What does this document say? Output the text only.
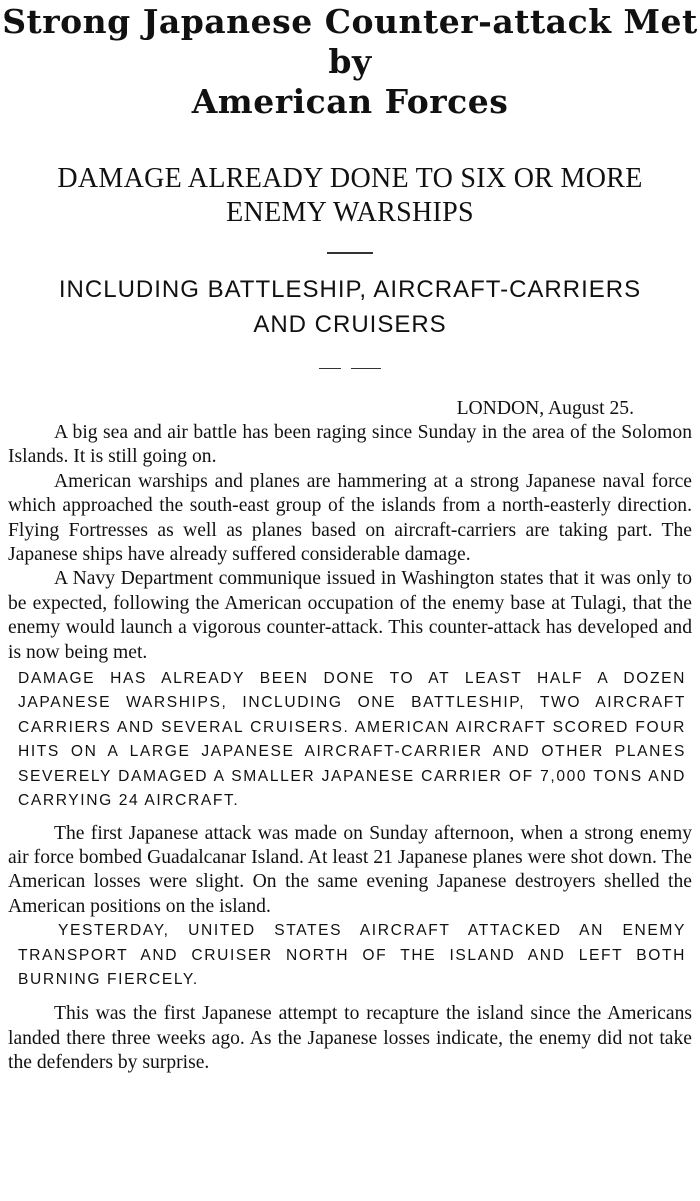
Strong Japanese Counter-attack Met by
American Forces
DAMAGE ALREADY DONE TO SIX OR MORE
ENEMY WARSHIPS
INCLUDING BATTLESHIP, AIRCRAFT-CARRIERS
AND CRUISERS
LONDON, August 25.

A big sea and air battle has been raging since Sunday in the area of the Solomon Islands. It is still going on.

American warships and planes are hammering at a strong Japanese naval force which approached the south-east group of the islands from a north-easterly direction. Flying Fortresses as well as planes based on aircraft-carriers are taking part. The Japanese ships have already suffered considerable damage.

A Navy Department communique issued in Washington states that it was only to be expected, following the American occupation of the enemy base at Tulagi, that the enemy would launch a vigorous counter-attack. This counter-attack has developed and is now being met.

DAMAGE HAS ALREADY BEEN DONE TO AT LEAST HALF A DOZEN JAPANESE WARSHIPS, INCLUDING ONE BATTLESHIP, TWO AIRCRAFT CARRIERS AND SEVERAL CRUISERS. AMERICAN AIRCRAFT SCORED FOUR HITS ON A LARGE JAPANESE AIRCRAFT-CARRIER AND OTHER PLANES SEVERELY DAMAGED A SMALLER JAPANESE CARRIER OF 7,000 TONS AND CARRYING 24 AIRCRAFT.

The first Japanese attack was made on Sunday afternoon, when a strong enemy air force bombed Guadalcanar Island. At least 21 Japanese planes were shot down. The American losses were slight. On the same evening Japanese destroyers shelled the American positions on the island.

YESTERDAY, UNITED STATES AIRCRAFT ATTACKED AN ENEMY TRANSPORT AND CRUISER NORTH OF THE ISLAND AND LEFT BOTH BURNING FIERCELY.

This was the first Japanese attempt to recapture the island since the Americans landed there three weeks ago. As the Japanese losses indicate, the enemy did not take the defenders by surprise.
